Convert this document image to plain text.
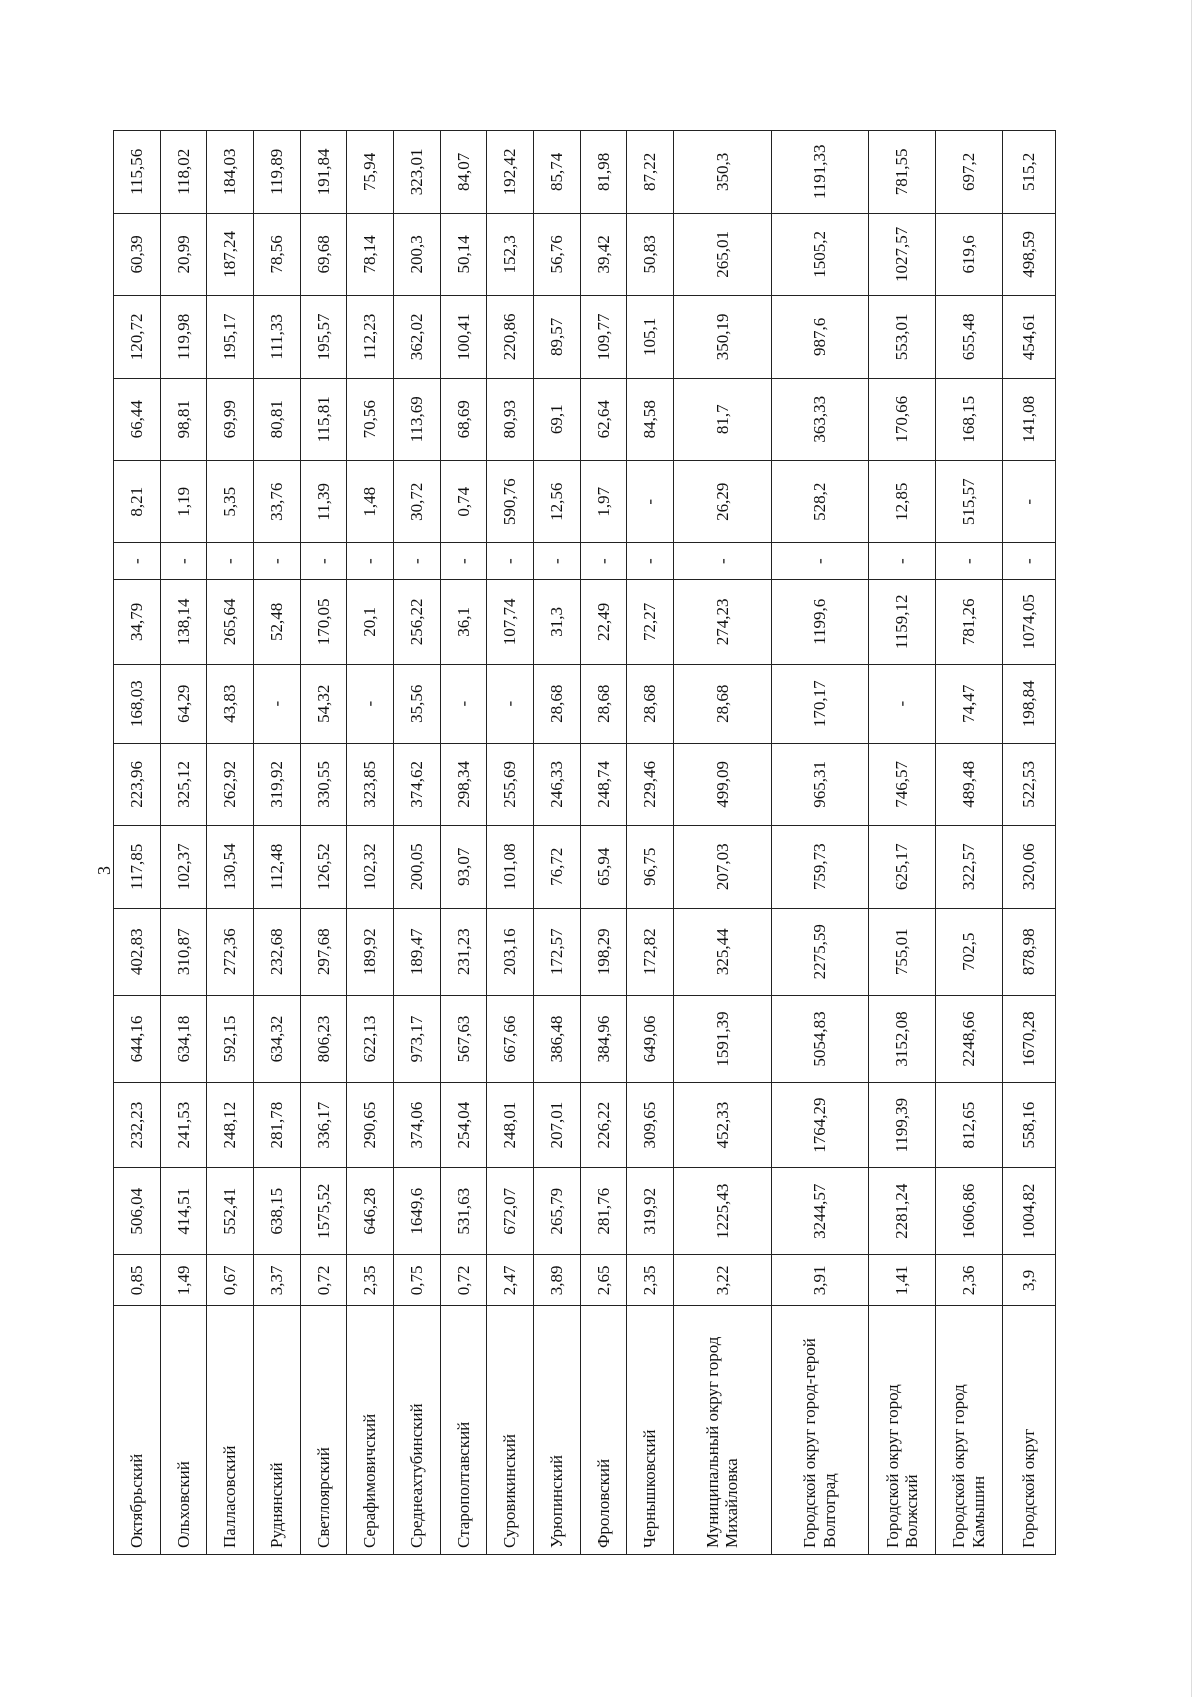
3
Октябрьский	0,85	506,04	232,23	644,16	402,83	117,85	223,96	168,03	34,79	-	8,21	66,44	120,72	60,39	115,56
Ольховский	1,49	414,51	241,53	634,18	310,87	102,37	325,12	64,29	138,14	-	1,19	98,81	119,98	20,99	118,02
Палласовский	0,67	552,41	248,12	592,15	272,36	130,54	262,92	43,83	265,64	-	5,35	69,99	195,17	187,24	184,03
Руднянский	3,37	638,15	281,78	634,32	232,68	112,48	319,92	-	52,48	-	33,76	80,81	111,33	78,56	119,89
Светлоярский	0,72	1575,52	336,17	806,23	297,68	126,52	330,55	54,32	170,05	-	11,39	115,81	195,57	69,68	191,84
Серафимовичский	2,35	646,28	290,65	622,13	189,92	102,32	323,85	-	20,1	-	1,48	70,56	112,23	78,14	75,94
Среднеахтубинский	0,75	1649,6	374,06	973,17	189,47	200,05	374,62	35,56	256,22	-	30,72	113,69	362,02	200,3	323,01
Старополтавский	0,72	531,63	254,04	567,63	231,23	93,07	298,34	-	36,1	-	0,74	68,69	100,41	50,14	84,07
Суровикинский	2,47	672,07	248,01	667,66	203,16	101,08	255,69	-	107,74	-	590,76	80,93	220,86	152,3	192,42
Урюпинский	3,89	265,79	207,01	386,48	172,57	76,72	246,33	28,68	31,3	-	12,56	69,1	89,57	56,76	85,74
Фроловский	2,65	281,76	226,22	384,96	198,29	65,94	248,74	28,68	22,49	-	1,97	62,64	109,77	39,42	81,98
Чернышковский	2,35	319,92	309,65	649,06	172,82	96,75	229,46	28,68	72,27	-	-	84,58	105,1	50,83	87,22
Муниципальный округ город Михайловка	3,22	1225,43	452,33	1591,39	325,44	207,03	499,09	28,68	274,23	-	26,29	81,7	350,19	265,01	350,3
Городской округ город-герой Волгоград	3,91	3244,57	1764,29	5054,83	2275,59	759,73	965,31	170,17	1199,6	-	528,2	363,33	987,6	1505,2	1191,33
Городской округ город Волжский	1,41	2281,24	1199,39	3152,08	755,01	625,17	746,57	-	1159,12	-	12,85	170,66	553,01	1027,57	781,55
Городской округ город Камышин	2,36	1606,86	812,65	2248,66	702,5	322,57	489,48	74,47	781,26	-	515,57	168,15	655,48	619,6	697,2
Городской округ	3,9	1004,82	558,16	1670,28	878,98	320,06	522,53	198,84	1074,05	-	-	141,08	454,61	498,59	515,2
